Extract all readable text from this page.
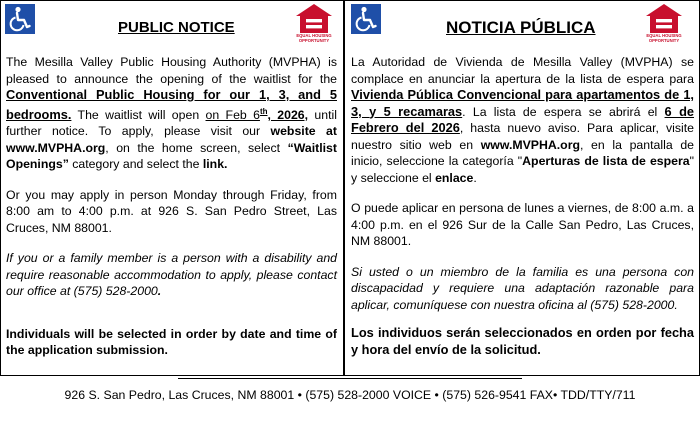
PUBLIC NOTICE	EQUAL HOUSING OPPORTUNITY

The Mesilla Valley Public Housing Authority (MVPHA) is pleased to announce the opening of the waitlist for the Conventional Public Housing for our 1, 3, and 5 bedrooms. The waitlist will open on Feb 6th, 2026, until further notice. To apply, please visit our website at www.MVPHA.org, on the home screen, select “Waitlist Openings” category and select the link.

Or you may apply in person Monday through Friday, from 8:00 am to 4:00 p.m. at 926 S. San Pedro Street, Las Cruces, NM 88001.

If you or a family member is a person with a disability and require reasonable accommodation to apply, please contact our office at (575) 528-2000.

Individuals will be selected in order by date and time of the application submission.

NOTICIA PÚBLICA	EQUAL HOUSING OPPORTUNITY

La Autoridad de Vivienda de Mesilla Valley (MVPHA) se complace en anunciar la apertura de la lista de espera para Vivienda Pública Convencional para apartamentos de 1, 3, y 5 recamaras. La lista de espera se abrirá el 6 de Febrero del 2026, hasta nuevo aviso. Para aplicar, visite nuestro sitio web en www.MVPHA.org, en la pantalla de inicio, seleccione la categoría "Aperturas de lista de espera" y seleccione el enlace.

O puede aplicar en persona de lunes a viernes, de 8:00 a.m. a 4:00 p.m. en el 926 Sur de la Calle San Pedro, Las Cruces, NM 88001.

Si usted o un miembro de la familia es una persona con discapacidad y requiere una adaptación razonable para aplicar, comuníquese con nuestra oficina al (575) 528-2000.

Los individuos serán seleccionados en orden por fecha y hora del envío de la solicitud.

926 S. San Pedro, Las Cruces, NM 88001 • (575) 528-2000 VOICE • (575) 526-9541 FAX• TDD/TTY/711
